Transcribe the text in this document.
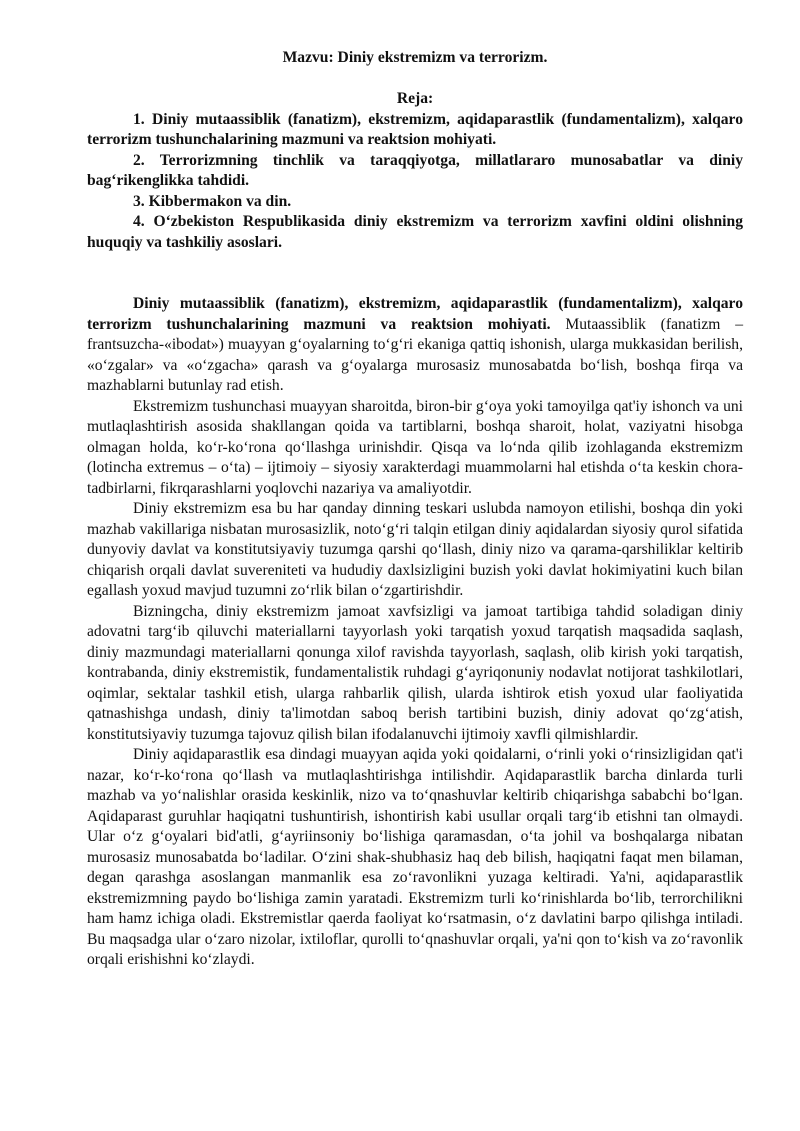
Mazvu: Diniy ekstremizm va terrorizm.

Reja:

1. Diniy mutaassiblik (fanatizm), ekstremizm, aqidaparastlik (fundamentalizm), xalqaro terrorizm tushunchalarining mazmuni va reaktsion mohiyati.

2. Terrorizmning tinchlik va taraqqiyotga, millatlararo munosabatlar va diniy bag‘rikenglikka tahdidi.

3. Kibbermakon va din.

4. O‘zbekiston Respublikasida diniy ekstremizm va terrorizm xavfini oldini olishning huquqiy va tashkiliy asoslari.

Diniy mutaassiblik (fanatizm), ekstremizm, aqidaparastlik (fundamentalizm), xalqaro terrorizm tushunchalarining mazmuni va reaktsion mohiyati. Mutaassiblik (fanatizm – frantsuzcha-«ibodat») muayyan g‘oyalarning to‘g‘ri ekaniga qattiq ishonish, ularga mukkasidan berilish, «o‘zgalar» va «o‘zgacha» qarash va g‘oyalarga murosasiz munosabatda bo‘lish, boshqa firqa va mazhablarni butunlay rad etish.

Ekstremizm tushunchasi muayyan sharoitda, biron-bir g‘oya yoki tamoyilga qat'iy ishonch va uni mutlaqlashtirish asosida shakllangan qoida va tartiblarni, boshqa sharoit, holat, vaziyatni hisobga olmagan holda, ko‘r-ko‘rona qo‘llashga urinishdir. Qisqa va lo‘nda qilib izohlaganda ekstremizm (lotincha extremus – o‘ta) – ijtimoiy – siyosiy xarakterdagi muammolarni hal etishda o‘ta keskin chora- tadbirlarni, fikrqarashlarni yoqlovchi nazariya va amaliyotdir.

Diniy ekstremizm esa bu har qanday dinning teskari uslubda namoyon etilishi, boshqa din yoki mazhab vakillariga nisbatan murosasizlik, noto‘g‘ri talqin etilgan diniy aqidalardan siyosiy qurol sifatida dunyoviy davlat va konstitutsiyaviy tuzumga qarshi qo‘llash, diniy nizo va qarama-qarshiliklar keltirib chiqarish orqali davlat suvereniteti va hududiy daxlsizligini buzish yoki davlat hokimiyatini kuch bilan egallash yoxud mavjud tuzumni zo‘rlik bilan o‘zgartirishdir.

Bizningcha, diniy ekstremizm jamoat xavfsizligi va jamoat tartibiga tahdid soladigan diniy adovatni targ‘ib qiluvchi materiallarni tayyorlash yoki tarqatish yoxud tarqatish maqsadida saqlash, diniy mazmundagi materiallarni qonunga xilof ravishda tayyorlash, saqlash, olib kirish yoki tarqatish, kontrabanda, diniy ekstremistik, fundamentalistik ruhdagi g‘ayriqonuniy nodavlat notijorat tashkilotlari, oqimlar, sektalar tashkil etish, ularga rahbarlik qilish, ularda ishtirok etish yoxud ular faoliyatida qatnashishga undash, diniy ta'limotdan saboq berish tartibini buzish, diniy adovat qo‘zg‘atish, konstitutsiyaviy tuzumga tajovuz qilish bilan ifodalanuvchi ijtimoiy xavfli qilmishlardir.

Diniy aqidaparastlik esa dindagi muayyan aqida yoki qoidalarni, o‘rinli yoki o‘rinsizligidan qat'i nazar, ko‘r-ko‘rona qo‘llash va mutlaqlashtirishga intilishdir. Aqidaparastlik barcha dinlarda turli mazhab va yo‘nalishlar orasida keskinlik, nizo va to‘qnashuvlar keltirib chiqarishga sababchi bo‘lgan. Aqidaparast guruhlar haqiqatni tushuntirish, ishontirish kabi usullar orqali targ‘ib etishni tan olmaydi. Ular o‘z g‘oyalari bid'atli, g‘ayriinsoniy bo‘lishiga qaramasdan, o‘ta johil va boshqalarga nibatan murosasiz munosabatda bo‘ladilar. O‘zini shak-shubhasiz haq deb bilish, haqiqatni faqat men bilaman, degan qarashga asoslangan manmanlik esa zo‘ravonlikni yuzaga keltiradi. Ya'ni, aqidaparastlik ekstremizmning paydo bo‘lishiga zamin yaratadi. Ekstremizm turli ko‘rinishlarda bo‘lib, terrorchilikni ham hamz ichiga oladi. Ekstremistlar qaerda faoliyat ko‘rsatmasin, o‘z davlatini barpo qilishga intiladi. Bu maqsadga ular o‘zaro nizolar, ixtiloflar, qurolli to‘qnashuvlar orqali, ya'ni qon to‘kish va zo‘ravonlik orqali erishishni ko‘zlaydi.
